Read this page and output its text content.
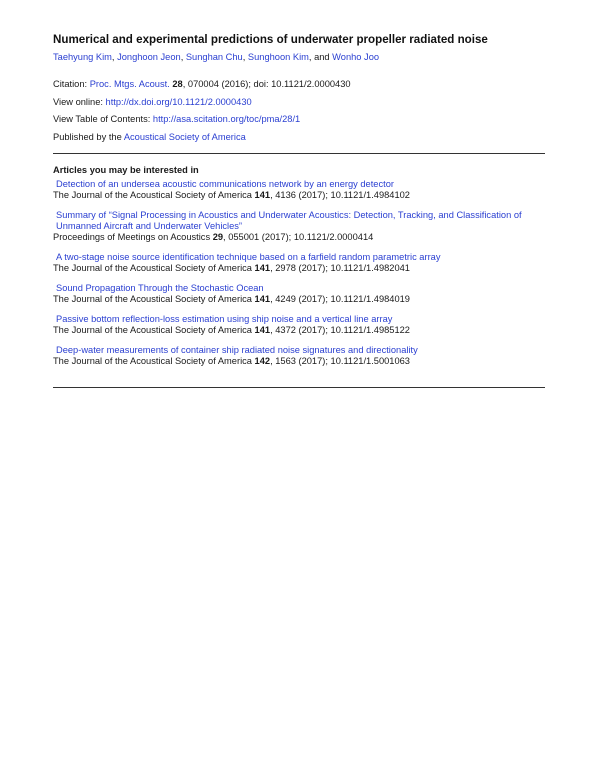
Numerical and experimental predictions of underwater propeller radiated noise
Taehyung Kim, Jonghoon Jeon, Sunghan Chu, Sunghoon Kim, and Wonho Joo
Citation: Proc. Mtgs. Acoust. 28, 070004 (2016); doi: 10.1121/2.0000430
View online: http://dx.doi.org/10.1121/2.0000430
View Table of Contents: http://asa.scitation.org/toc/pma/28/1
Published by the Acoustical Society of America
Articles you may be interested in
Detection of an undersea acoustic communications network by an energy detector
The Journal of the Acoustical Society of America 141, 4136 (2017); 10.1121/1.4984102
Summary of “Signal Processing in Acoustics and Underwater Acoustics: Detection, Tracking, and Classification of Unmanned Aircraft and Underwater Vehicles”
Proceedings of Meetings on Acoustics 29, 055001 (2017); 10.1121/2.0000414
A two-stage noise source identification technique based on a farfield random parametric array
The Journal of the Acoustical Society of America 141, 2978 (2017); 10.1121/1.4982041
Sound Propagation Through the Stochastic Ocean
The Journal of the Acoustical Society of America 141, 4249 (2017); 10.1121/1.4984019
Passive bottom reflection-loss estimation using ship noise and a vertical line array
The Journal of the Acoustical Society of America 141, 4372 (2017); 10.1121/1.4985122
Deep-water measurements of container ship radiated noise signatures and directionality
The Journal of the Acoustical Society of America 142, 1563 (2017); 10.1121/1.5001063
